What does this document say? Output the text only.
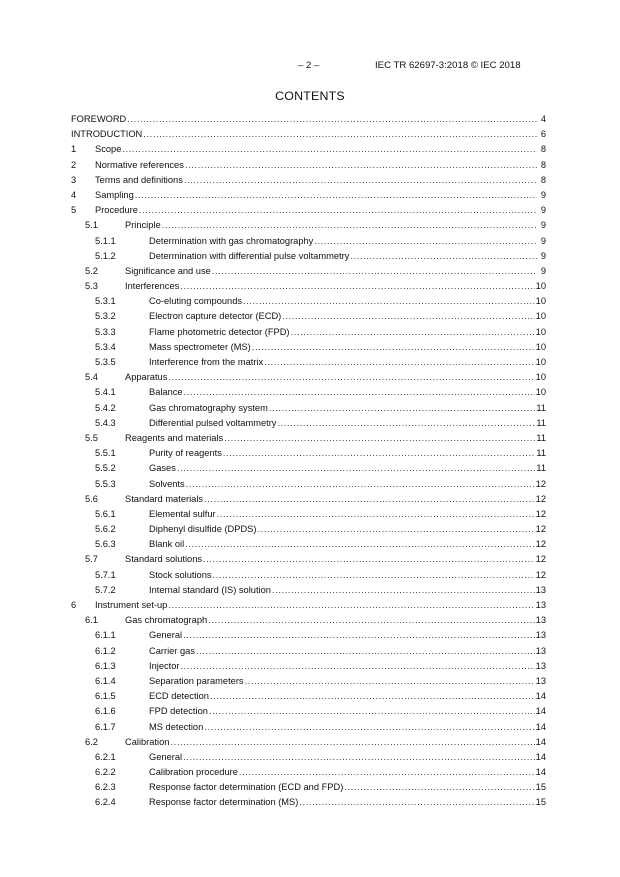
– 2 –	IEC TR 62697-3:2018 © IEC 2018
CONTENTS
FOREWORD .....	4
INTRODUCTION .....	6
1	Scope .....	8
2	Normative references .....	8
3	Terms and definitions .....	8
4	Sampling .....	9
5	Procedure .....	9
5.1	Principle .....	9
5.1.1	Determination with gas chromatography .....	9
5.1.2	Determination with differential pulse voltammetry .....	9
5.2	Significance and use .....	9
5.3	Interferences .....	10
5.3.1	Co-eluting compounds .....	10
5.3.2	Electron capture detector (ECD) .....	10
5.3.3	Flame photometric detector (FPD) .....	10
5.3.4	Mass spectrometer (MS) .....	10
5.3.5	Interference from the matrix .....	10
5.4	Apparatus .....	10
5.4.1	Balance .....	10
5.4.2	Gas chromatography system .....	11
5.4.3	Differential pulsed voltammetry .....	11
5.5	Reagents and materials .....	11
5.5.1	Purity of reagents .....	11
5.5.2	Gases .....	11
5.5.3	Solvents .....	12
5.6	Standard materials .....	12
5.6.1	Elemental sulfur .....	12
5.6.2	Diphenyl disulfide (DPDS) .....	12
5.6.3	Blank oil .....	12
5.7	Standard solutions .....	12
5.7.1	Stock solutions .....	12
5.7.2	Internal standard (IS) solution .....	13
6	Instrument set-up .....	13
6.1	Gas chromatograph .....	13
6.1.1	General .....	13
6.1.2	Carrier gas .....	13
6.1.3	Injector .....	13
6.1.4	Separation parameters .....	13
6.1.5	ECD detection .....	14
6.1.6	FPD detection .....	14
6.1.7	MS detection .....	14
6.2	Calibration .....	14
6.2.1	General .....	14
6.2.2	Calibration procedure .....	14
6.2.3	Response factor determination (ECD and FPD) .....	15
6.2.4	Response factor determination (MS) .....	15
